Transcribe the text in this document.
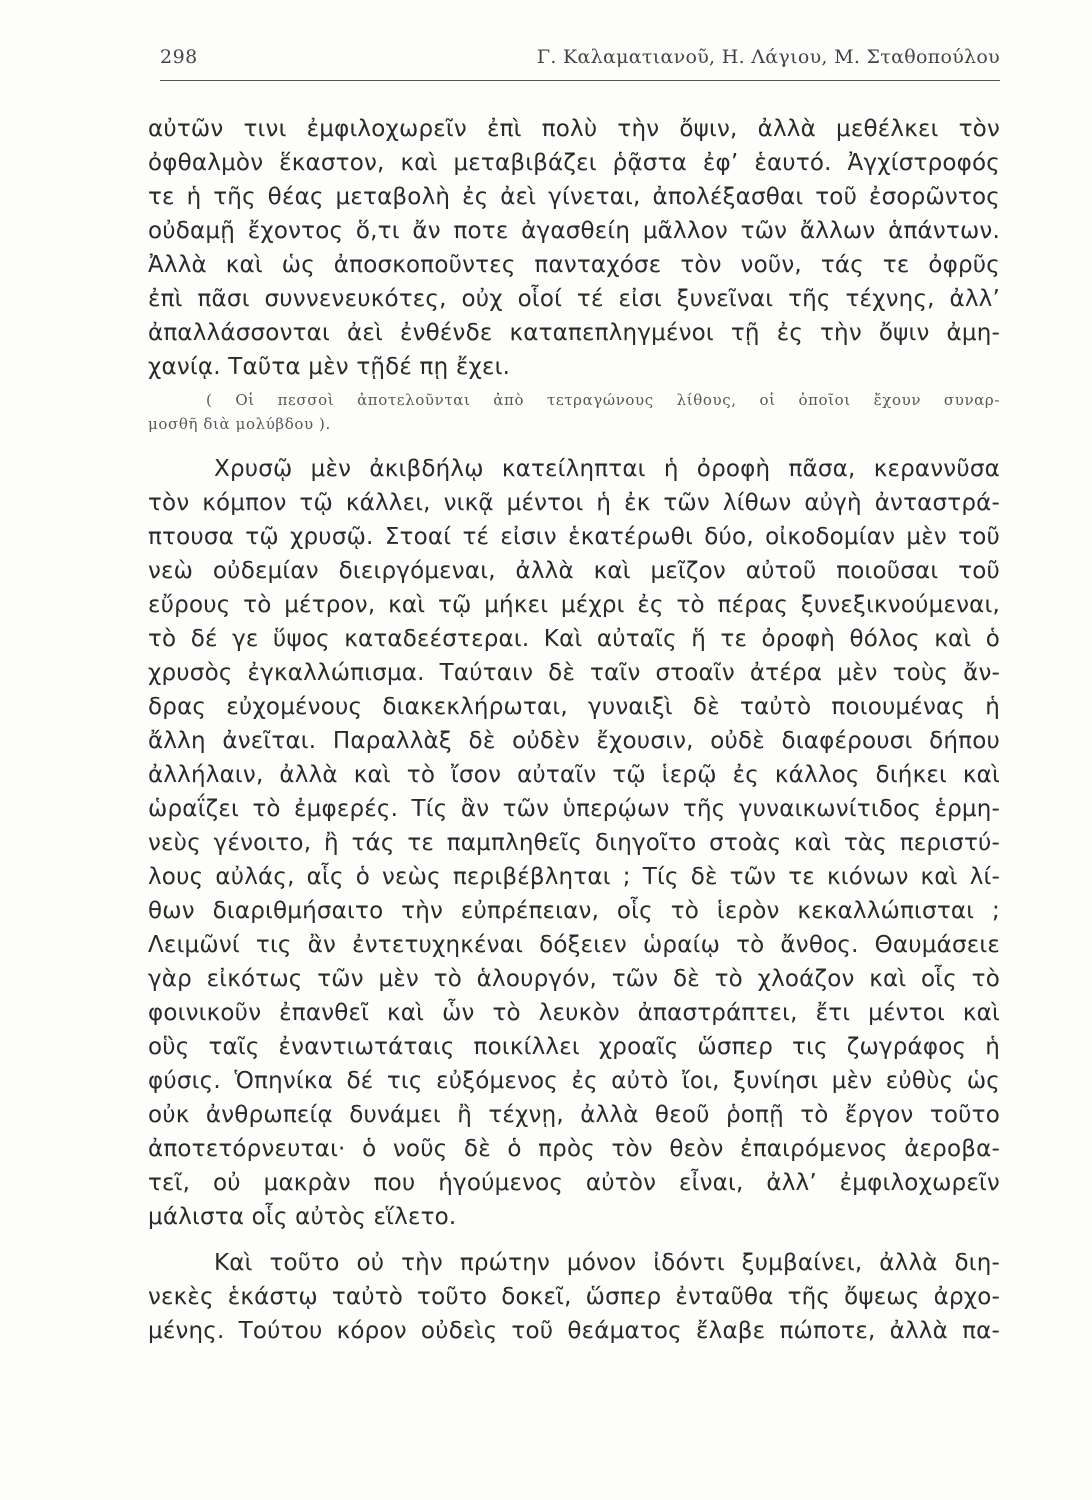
298	Γ. Καλαματιανοῦ, Η. Λάγιου, Μ. Σταθοπούλου
αὐτῶν τινι ἐμφιλοχωρεῖν ἐπὶ πολὺ τὴν ὄψιν, ἀλλὰ μεθέλκει τὸν
ὀφθαλμὸν ἕκαστον, καὶ μεταβιβάζει ῥᾷστα ἐφ’ ἑαυτό. Ἀγχίστροφός
τε ἡ τῆς θέας μεταβολὴ ἐς ἀεὶ γίνεται, ἀπολέξασθαι τοῦ ἐσορῶντος
οὐδαμῇ ἔχοντος ὅ,τι ἄν ποτε ἀγασθείη μᾶλλον τῶν ἄλλων ἁπάντων.
Ἀλλὰ καὶ ὡς ἀποσκοποῦντες πανταχόσε τὸν νοῦν, τάς τε ὀφρῦς
ἐπὶ πᾶσι συννενευκότες, οὐχ οἷοί τέ εἰσι ξυνεῖναι τῆς τέχνης, ἀλλ’
ἀπαλλάσσονται ἀεὶ ἐνθένδε καταπεπληγμένοι τῇ ἐς τὴν ὄψιν ἀμη-
χανίᾳ. Ταῦτα μὲν τῇδέ πῃ ἔχει.
( Οἱ πεσσοὶ ἀποτελοῦνται ἀπὸ τετραγώνους λίθους, οἱ ὁποῖοι ἔχουν συναρ-
μοσθῆ διὰ μολύβδου ).
Χρυσῷ μὲν ἀκιβδήλῳ κατείληπται ἡ ὀροφὴ πᾶσα, κεραννῦσα
τὸν κόμπον τῷ κάλλει, νικᾷ μέντοι ἡ ἐκ τῶν λίθων αὐγὴ ἀνταστρά-
πτουσα τῷ χρυσῷ. Στοαί τέ εἰσιν ἑκατέρωθι δύο, οἰκοδομίαν μὲν τοῦ
νεὼ οὐδεμίαν διειργόμεναι, ἀλλὰ καὶ μεῖζον αὐτοῦ ποιοῦσαι τοῦ
εὔρους τὸ μέτρον, καὶ τῷ μήκει μέχρι ἐς τὸ πέρας ξυνεξικνούμεναι,
τὸ δέ γε ὕψος καταδεέστεραι. Καὶ αὐταῖς ἥ τε ὀροφὴ θόλος καὶ ὁ
χρυσὸς ἐγκαλλώπισμα. Ταύταιν δὲ ταῖν στοαῖν ἀτέρα μὲν τοὺς ἄν-
δρας εὐχομένους διακεκλήρωται, γυναιξὶ δὲ ταὐτὸ ποιουμένας ἡ
ἄλλη ἀνεῖται. Παραλλὰξ δὲ οὐδὲν ἔχουσιν, οὐδὲ διαφέρουσι δήπου
ἀλλήλαιν, ἀλλὰ καὶ τὸ ἴσον αὐταῖν τῷ ἱερῷ ἐς κάλλος διήκει καὶ
ὡραΐζει τὸ ἐμφερές. Τίς ἂν τῶν ὑπερῴων τῆς γυναικωνίτιδος ἑρμη-
νεὺς γένοιτο, ἢ τάς τε παμπληθεῖς διηγοῖτο στοὰς καὶ τὰς περιστύ-
λους αὐλάς, αἷς ὁ νεὼς περιβέβληται ; Τίς δὲ τῶν τε κιόνων καὶ λί-
θων διαριθμήσαιτο τὴν εὐπρέπειαν, οἷς τὸ ἱερὸν κεκαλλώπισται ;
Λειμῶνί τις ἂν ἐντετυχηκέναι δόξειεν ὡραίῳ τὸ ἄνθος. Θαυμάσειε
γὰρ εἰκότως τῶν μὲν τὸ ἁλουργόν, τῶν δὲ τὸ χλοάζον καὶ οἷς τὸ
φοινικοῦν ἐπανθεῖ καὶ ὧν τὸ λευκὸν ἀπαστράπτει, ἔτι μέντοι καὶ
οὓς ταῖς ἐναντιωτάταις ποικίλλει χροαῖς ὥσπερ τις ζωγράφος ἡ
φύσις. Ὁπηνίκα δέ τις εὐξόμενος ἐς αὐτὸ ἴοι, ξυνίησι μὲν εὐθὺς ὡς
οὐκ ἀνθρωπείᾳ δυνάμει ἢ τέχνῃ, ἀλλὰ θεοῦ ῥοπῇ τὸ ἔργον τοῦτο
ἀποτετόρνευται· ὁ νοῦς δὲ ὁ πρὸς τὸν θεὸν ἐπαιρόμενος ἀεροβα-
τεῖ, οὐ μακρὰν που ἡγούμενος αὐτὸν εἶναι, ἀλλ’ ἐμφιλοχωρεῖν
μάλιστα οἷς αὐτὸς εἵλετο.
Καὶ τοῦτο οὐ τὴν πρώτην μόνον ἰδόντι ξυμβαίνει, ἀλλὰ διη-
νεκὲς ἑκάστῳ ταὐτὸ τοῦτο δοκεῖ, ὥσπερ ἐνταῦθα τῆς ὄψεως ἀρχο-
μένης. Τούτου κόρον οὐδεὶς τοῦ θεάματος ἔλαβε πώποτε, ἀλλὰ πα-
